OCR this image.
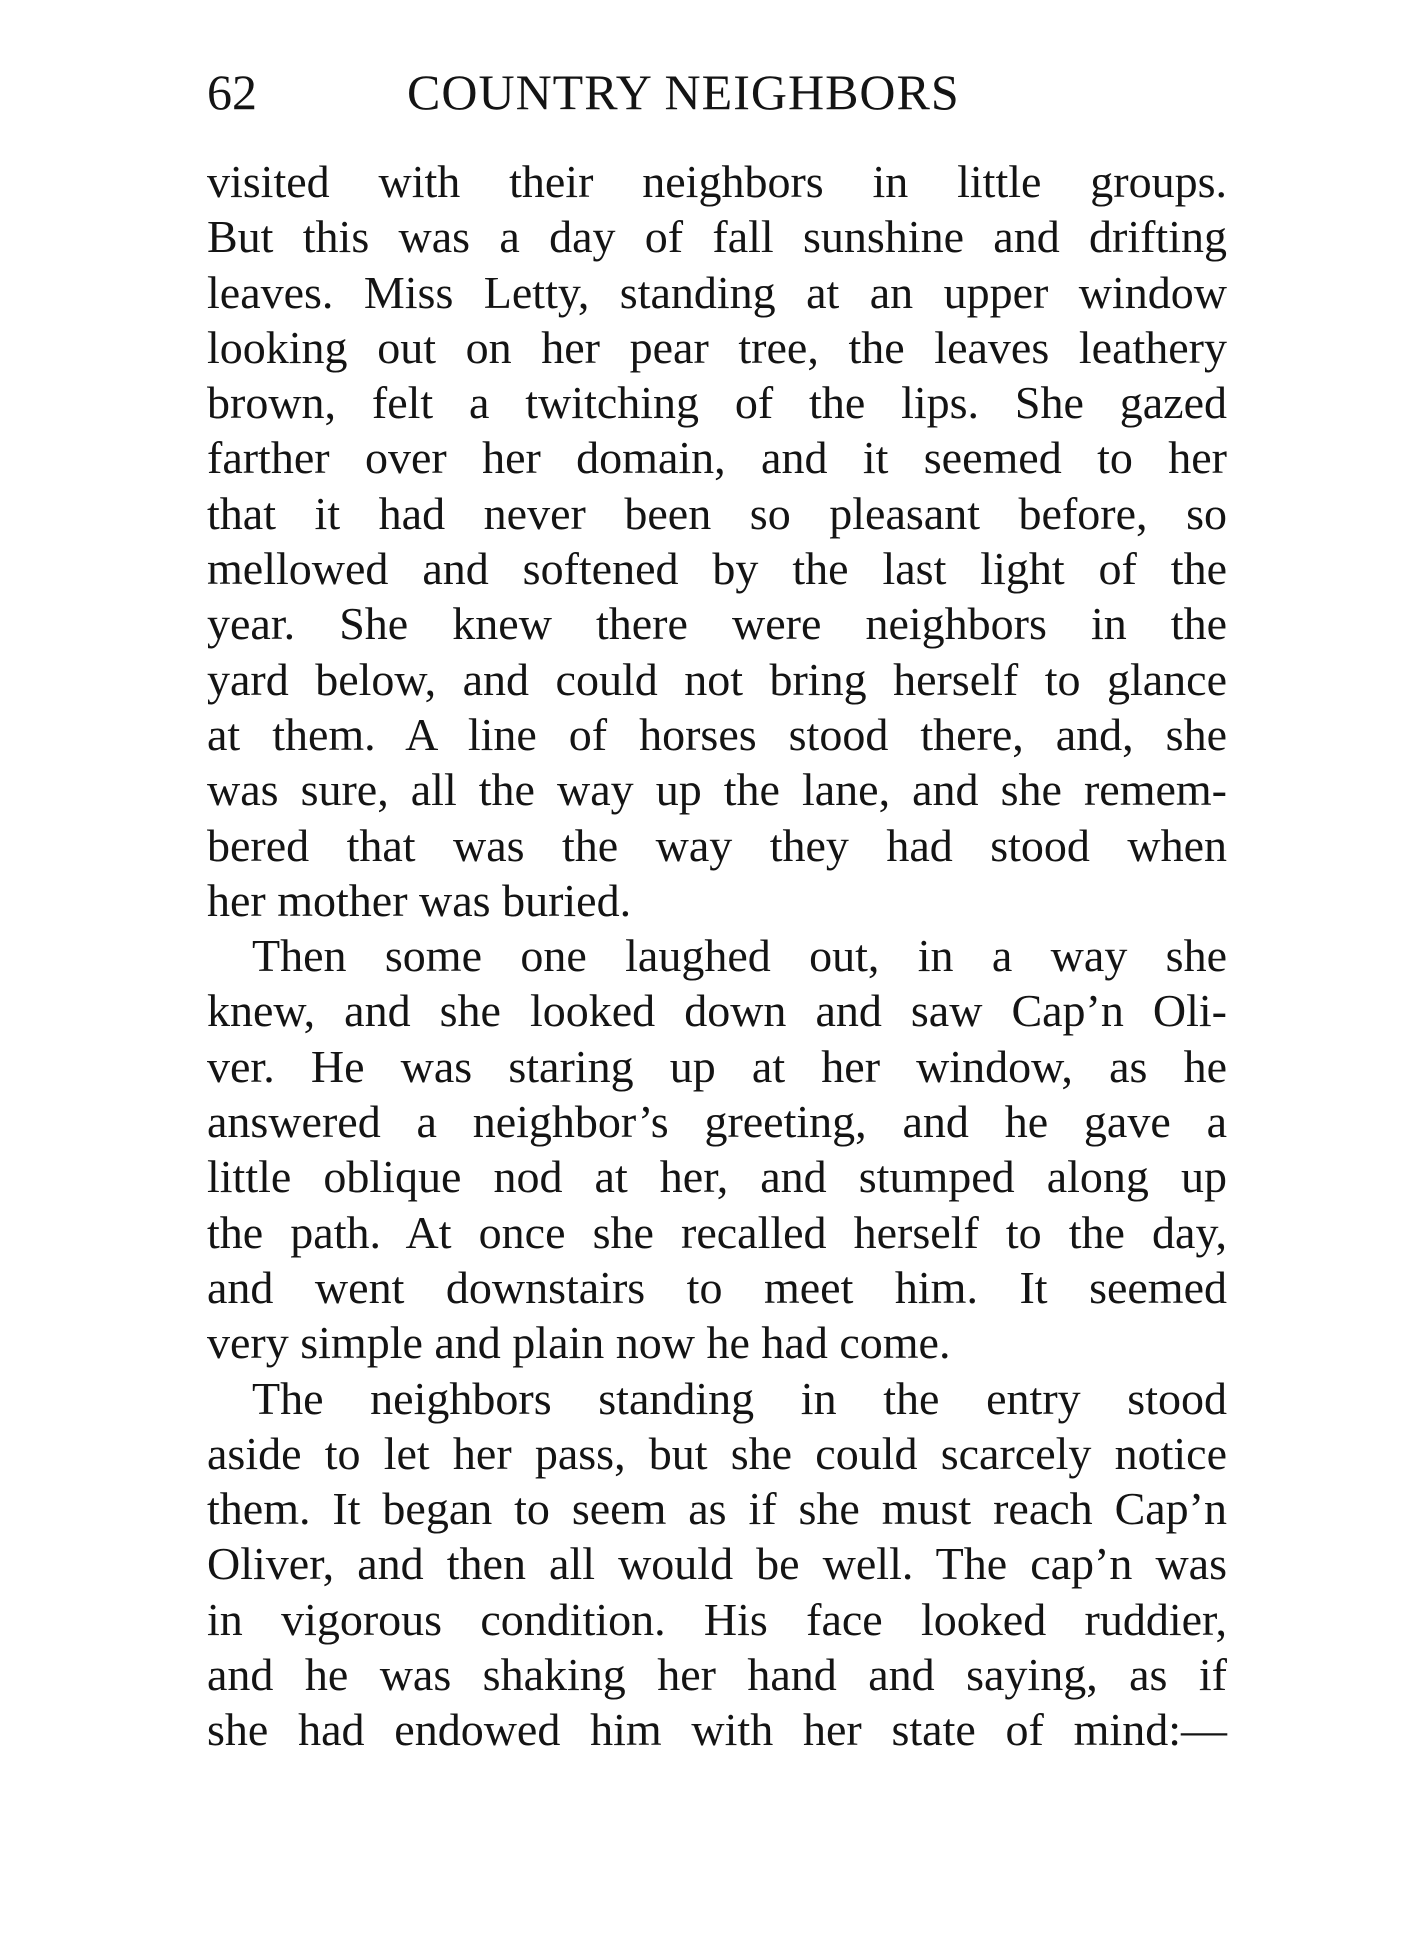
62	COUNTRY NEIGHBORS
visited with their neighbors in little groups.
But this was a day of fall sunshine and drifting
leaves. Miss Letty, standing at an upper window
looking out on her pear tree, the leaves leathery
brown, felt a twitching of the lips. She gazed
farther over her domain, and it seemed to her
that it had never been so pleasant before, so
mellowed and softened by the last light of the
year. She knew there were neighbors in the
yard below, and could not bring herself to glance
at them. A line of horses stood there, and, she
was sure, all the way up the lane, and she remem-
bered that was the way they had stood when
her mother was buried.
Then some one laughed out, in a way she
knew, and she looked down and saw Cap’n Oli-
ver. He was staring up at her window, as he
answered a neighbor’s greeting, and he gave a
little oblique nod at her, and stumped along up
the path. At once she recalled herself to the day,
and went downstairs to meet him. It seemed
very simple and plain now he had come.
The neighbors standing in the entry stood
aside to let her pass, but she could scarcely notice
them. It began to seem as if she must reach Cap’n
Oliver, and then all would be well. The cap’n was
in vigorous condition. His face looked ruddier,
and he was shaking her hand and saying, as if
she had endowed him with her state of mind:—
